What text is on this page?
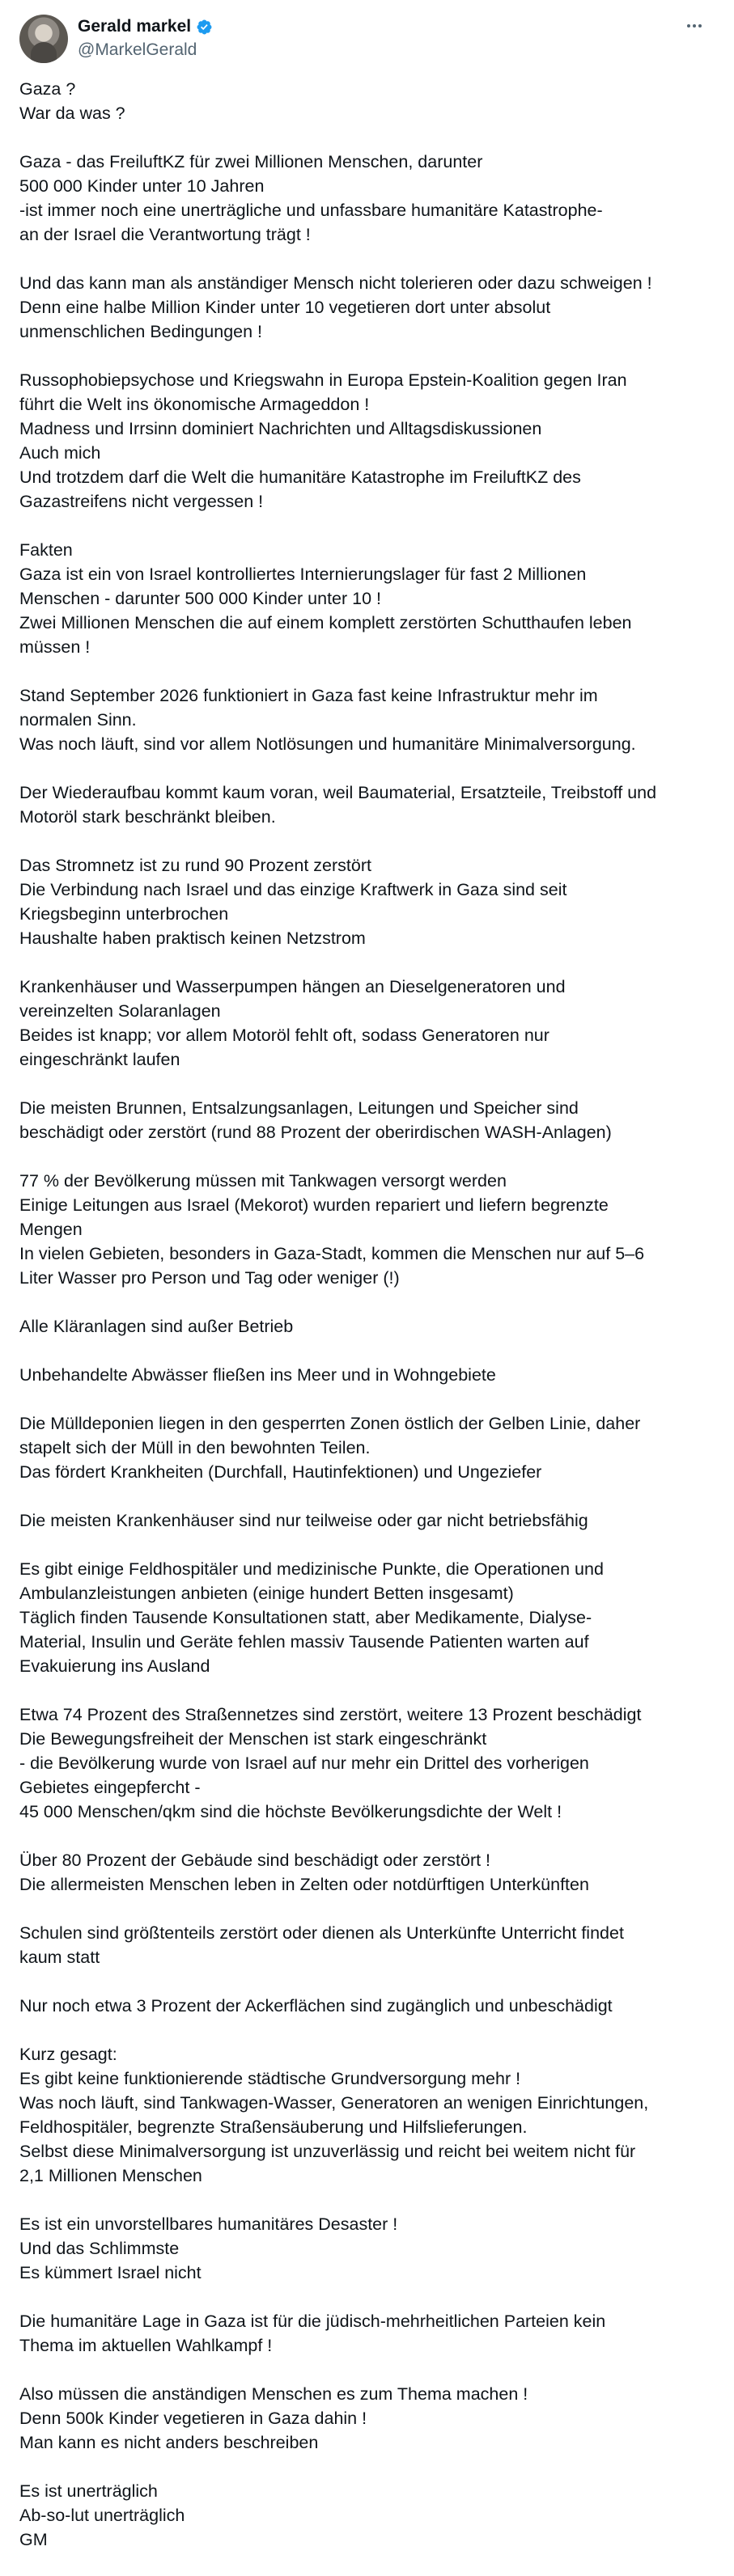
Gerald markel
@MarkelGerald

Gaza ?
War da was ?

Gaza - das FreiluftKZ für zwei Millionen Menschen, darunter
500 000 Kinder unter 10 Jahren
-ist immer noch eine unerträgliche und unfassbare humanitäre Katastrophe-
an der Israel die Verantwortung trägt !

Und das kann man als anständiger Mensch nicht tolerieren oder dazu schweigen !
Denn eine halbe Million Kinder unter 10 vegetieren dort unter absolut
unmenschlichen Bedingungen !

Russophobiepsychose und Kriegswahn in Europa Epstein-Koalition gegen Iran
führt die Welt ins ökonomische Armageddon !
Madness und Irrsinn dominiert Nachrichten und Alltagsdiskussionen
Auch mich
Und trotzdem darf die Welt die humanitäre Katastrophe im FreiluftKZ des
Gazastreifens nicht vergessen !

Fakten
Gaza ist ein von Israel kontrolliertes Internierungslager für fast 2 Millionen
Menschen - darunter 500 000 Kinder unter 10 !
Zwei Millionen Menschen die auf einem komplett zerstörten Schutthaufen leben
müssen !

Stand September 2026 funktioniert in Gaza fast keine Infrastruktur mehr im
normalen Sinn.
Was noch läuft, sind vor allem Notlösungen und humanitäre Minimalversorgung.

Der Wiederaufbau kommt kaum voran, weil Baumaterial, Ersatzteile, Treibstoff und
Motoröl stark beschränkt bleiben.

Das Stromnetz ist zu rund 90 Prozent zerstört
Die Verbindung nach Israel und das einzige Kraftwerk in Gaza sind seit
Kriegsbeginn unterbrochen
Haushalte haben praktisch keinen Netzstrom

Krankenhäuser und Wasserpumpen hängen an Dieselgeneratoren und
vereinzelten Solaranlagen
Beides ist knapp; vor allem Motoröl fehlt oft, sodass Generatoren nur
eingeschränkt laufen

Die meisten Brunnen, Entsalzungsanlagen, Leitungen und Speicher sind
beschädigt oder zerstört (rund 88 Prozent der oberirdischen WASH-Anlagen)

77 % der Bevölkerung müssen mit Tankwagen versorgt werden
Einige Leitungen aus Israel (Mekorot) wurden repariert und liefern begrenzte
Mengen
In vielen Gebieten, besonders in Gaza-Stadt, kommen die Menschen nur auf 5–6
Liter Wasser pro Person und Tag oder weniger (!)

Alle Kläranlagen sind außer Betrieb

Unbehandelte Abwässer fließen ins Meer und in Wohngebiete

Die Mülldeponien liegen in den gesperrten Zonen östlich der Gelben Linie, daher
stapelt sich der Müll in den bewohnten Teilen.
Das fördert Krankheiten (Durchfall, Hautinfektionen) und Ungeziefer

Die meisten Krankenhäuser sind nur teilweise oder gar nicht betriebsfähig

Es gibt einige Feldhospitäler und medizinische Punkte, die Operationen und
Ambulanzleistungen anbieten (einige hundert Betten insgesamt)
Täglich finden Tausende Konsultationen statt, aber Medikamente, Dialyse-
Material, Insulin und Geräte fehlen massiv Tausende Patienten warten auf
Evakuierung ins Ausland

Etwa 74 Prozent des Straßennetzes sind zerstört, weitere 13 Prozent beschädigt
Die Bewegungsfreiheit der Menschen ist stark eingeschränkt
- die Bevölkerung wurde von Israel auf nur mehr ein Drittel des vorherigen
Gebietes eingepfercht -
45 000 Menschen/qkm sind die höchste Bevölkerungsdichte der Welt !

Über 80 Prozent der Gebäude sind beschädigt oder zerstört !
Die allermeisten Menschen leben in Zelten oder notdürftigen Unterkünften

Schulen sind größtenteils zerstört oder dienen als Unterkünfte Unterricht findet
kaum statt

Nur noch etwa 3 Prozent der Ackerflächen sind zugänglich und unbeschädigt

Kurz gesagt:
Es gibt keine funktionierende städtische Grundversorgung mehr !
Was noch läuft, sind Tankwagen-Wasser, Generatoren an wenigen Einrichtungen,
Feldhospitäler, begrenzte Straßensäuberung und Hilfslieferungen.
Selbst diese Minimalversorgung ist unzuverlässig und reicht bei weitem nicht für
2,1 Millionen Menschen

Es ist ein unvorstellbares humanitäres Desaster !
Und das Schlimmste
Es kümmert Israel nicht

Die humanitäre Lage in Gaza ist für die jüdisch-mehrheitlichen Parteien kein
Thema im aktuellen Wahlkampf !

Also müssen die anständigen Menschen es zum Thema machen !
Denn 500k Kinder vegetieren in Gaza dahin !
Man kann es nicht anders beschreiben

Es ist unerträglich
Ab-so-lut unerträglich
GM
